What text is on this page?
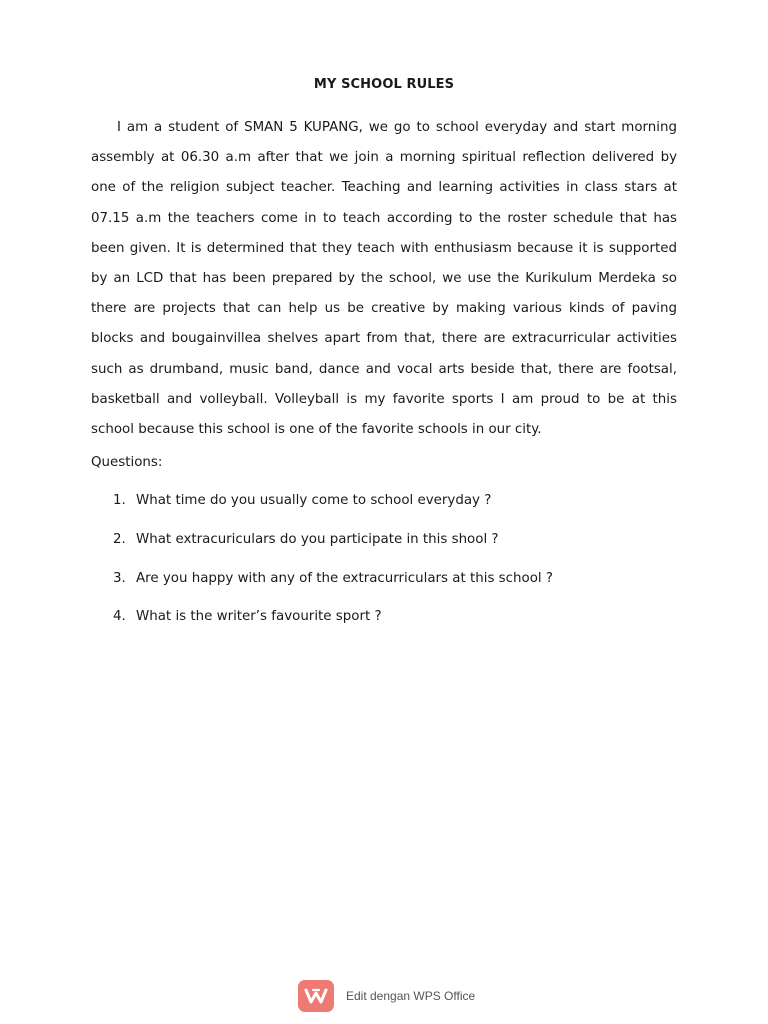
MY SCHOOL RULES

I am a student of SMAN 5 KUPANG, we go to school everyday and start morning assembly at 06.30 a.m after that we join a morning spiritual reflection delivered by one of the religion subject teacher. Teaching and learning activities in class stars at 07.15 a.m the teachers come in to teach according to the roster schedule that has been given. It is determined that they teach with enthusiasm because it is supported by an LCD that has been prepared by the school, we use the Kurikulum Merdeka so there are projects that can help us be creative by making various kinds of paving blocks and bougainvillea shelves apart from that, there are extracurricular activities such as drumband, music band, dance and vocal arts beside that, there are footsal, basketball and volleyball. Volleyball is my favorite sports I am proud to be at this school because this school is one of the favorite schools in our city.

Questions:
1. What time do you usually come to school everyday ?
2. What extracuriculars do you participate in this shool ?
3. Are you happy with any of the extracurriculars at this school ?
4. What is the writer’s favourite sport ?
Edit dengan WPS Office
